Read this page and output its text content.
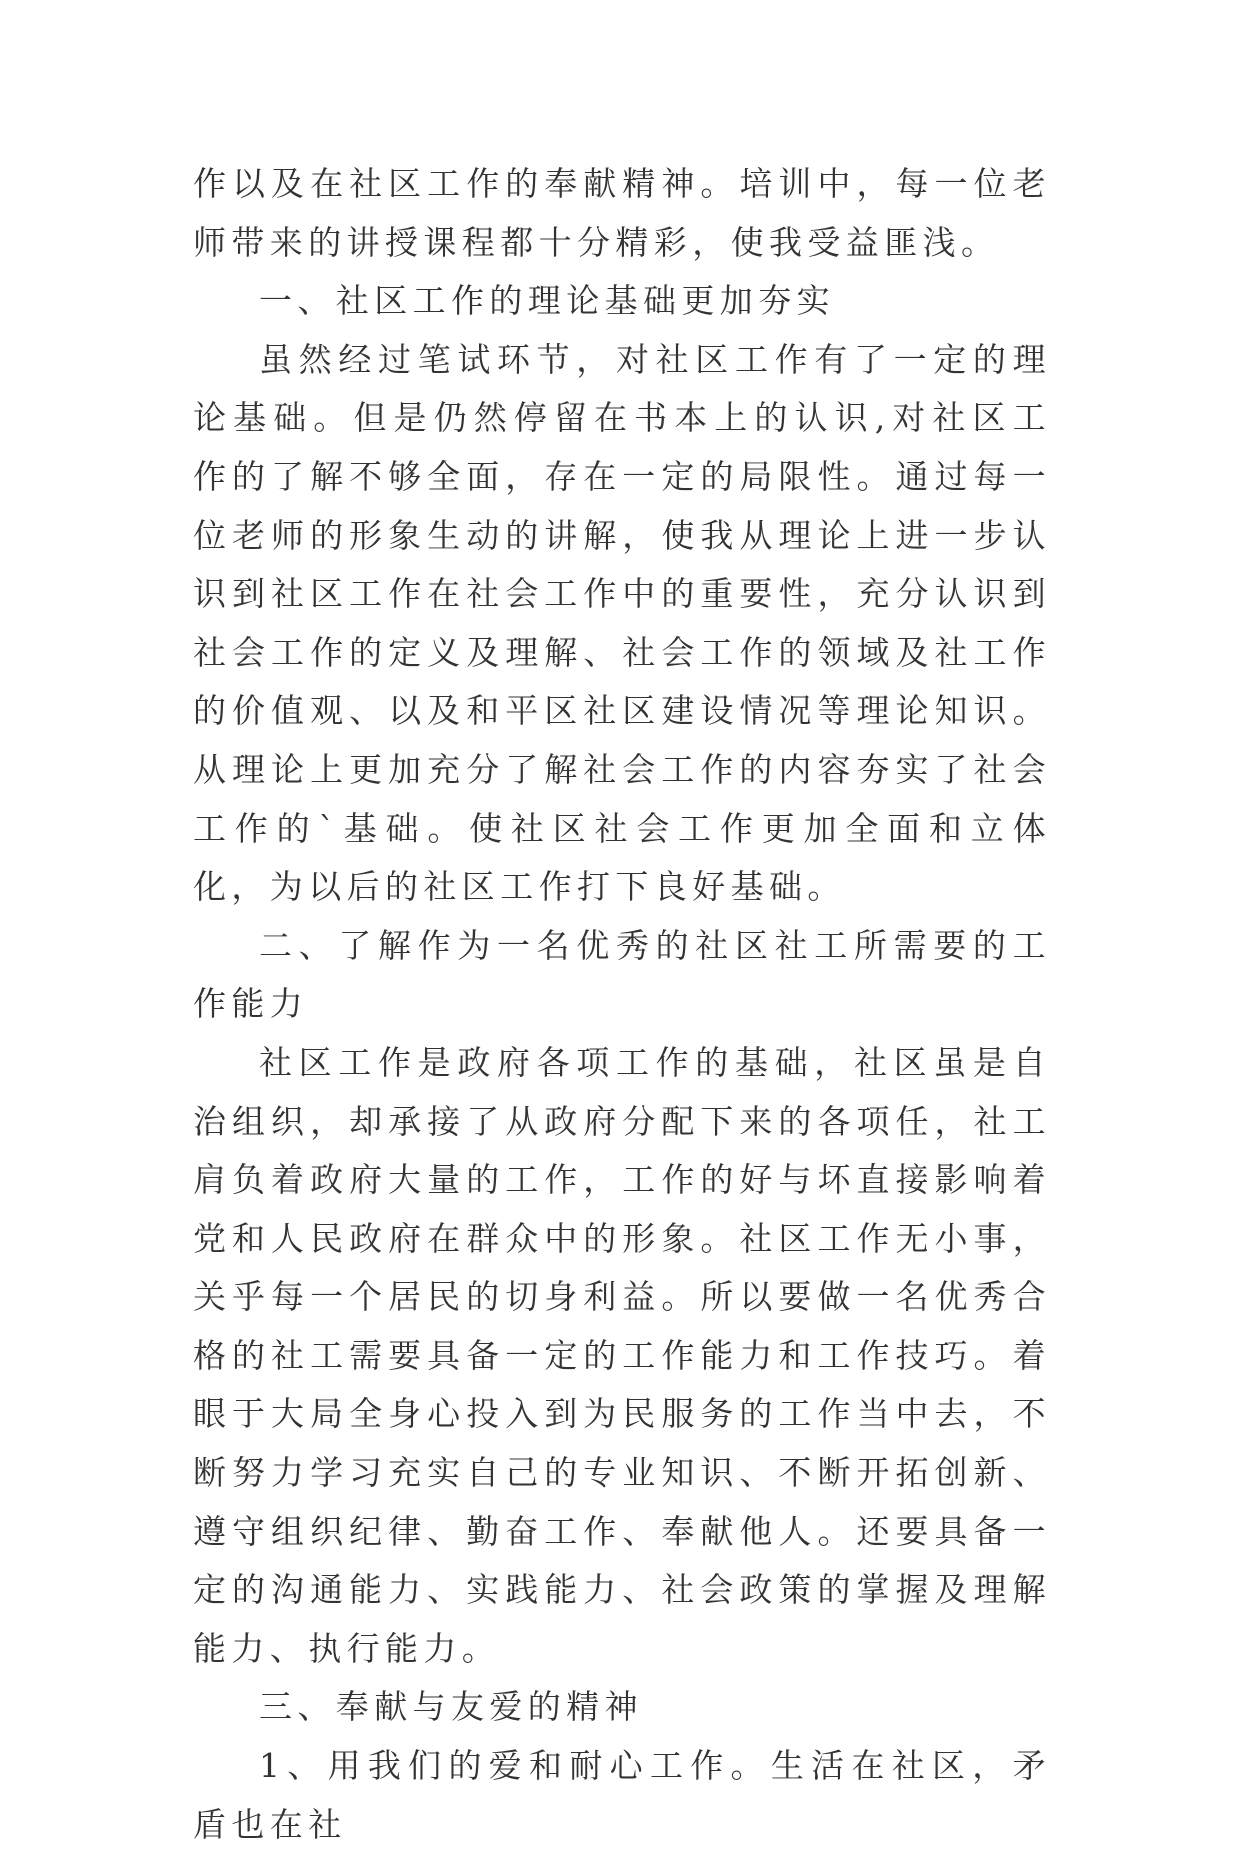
作以及在社区工作的奉献精神。培训中，每一位老师带来的讲授课程都十分精彩，使我受益匪浅。

一、社区工作的理论基础更加夯实

虽然经过笔试环节，对社区工作有了一定的理论基础。但是仍然停留在书本上的认识,对社区工作的了解不够全面，存在一定的局限性。通过每一位老师的形象生动的讲解，使我从理论上进一步认识到社区工作在社会工作中的重要性，充分认识到社会工作的定义及理解、社会工作的领域及社工作的价值观、以及和平区社区建设情况等理论知识。从理论上更加充分了解社会工作的内容夯实了社会工作的`基础。使社区社会工作更加全面和立体化，为以后的社区工作打下良好基础。

二、了解作为一名优秀的社区社工所需要的工作能力

社区工作是政府各项工作的基础，社区虽是自治组织，却承接了从政府分配下来的各项任，社工肩负着政府大量的工作，工作的好与坏直接影响着党和人民政府在群众中的形象。社区工作无小事，关乎每一个居民的切身利益。所以要做一名优秀合格的社工需要具备一定的工作能力和工作技巧。着眼于大局全身心投入到为民服务的工作当中去，不断努力学习充实自己的专业知识、不断开拓创新、遵守组织纪律、勤奋工作、奉献他人。还要具备一定的沟通能力、实践能力、社会政策的掌握及理解能力、执行能力。

三、奉献与友爱的精神

1、用我们的爱和耐心工作。生活在社区，矛盾也在社
